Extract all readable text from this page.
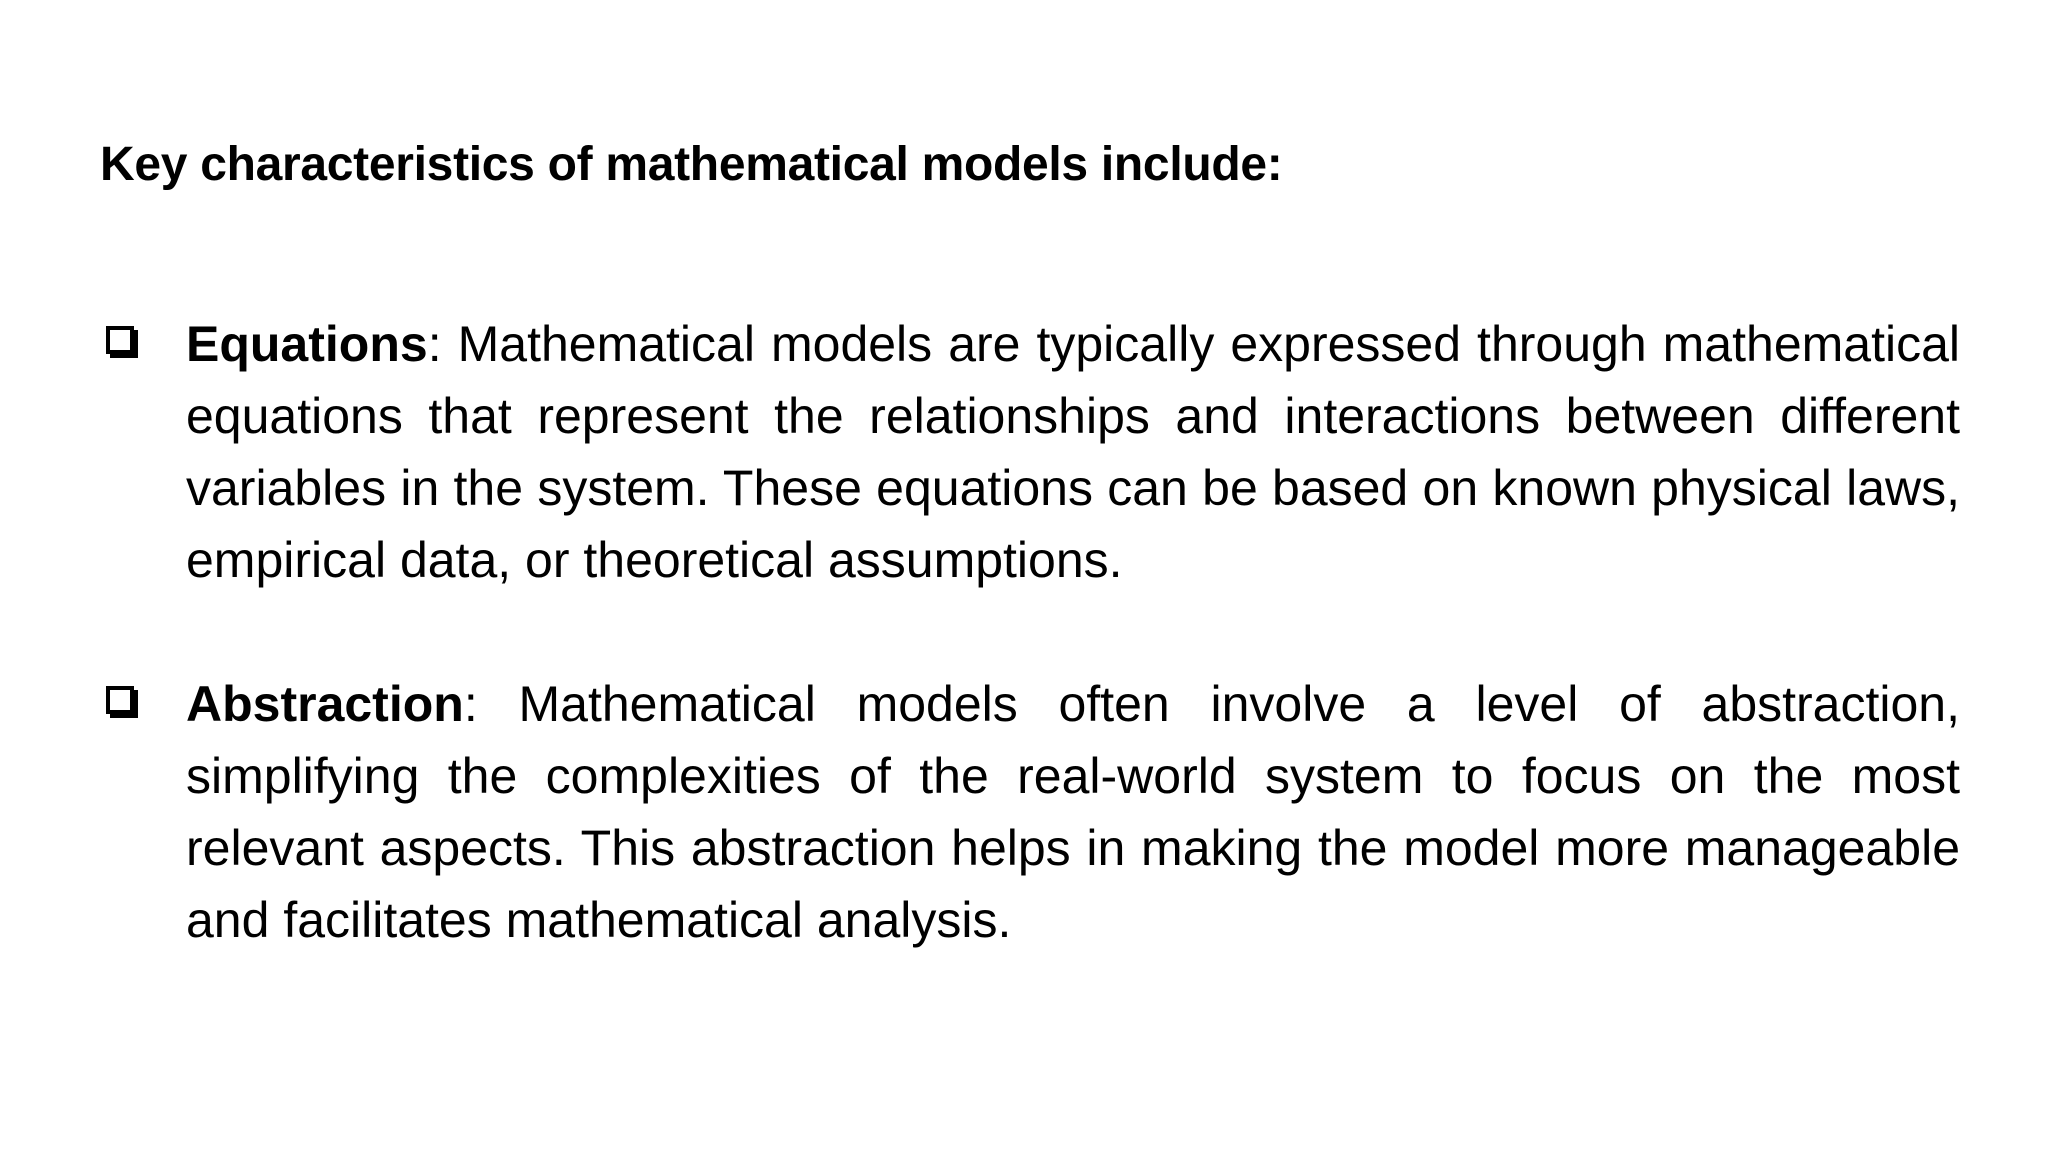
Key characteristics of mathematical models include:
Equations: Mathematical models are typically expressed through mathematical equations that represent the relationships and interactions between different variables in the system. These equations can be based on known physical laws, empirical data, or theoretical assumptions.
Abstraction: Mathematical models often involve a level of abstraction, simplifying the complexities of the real-world system to focus on the most relevant aspects. This abstraction helps in making the model more manageable and facilitates mathematical analysis.
